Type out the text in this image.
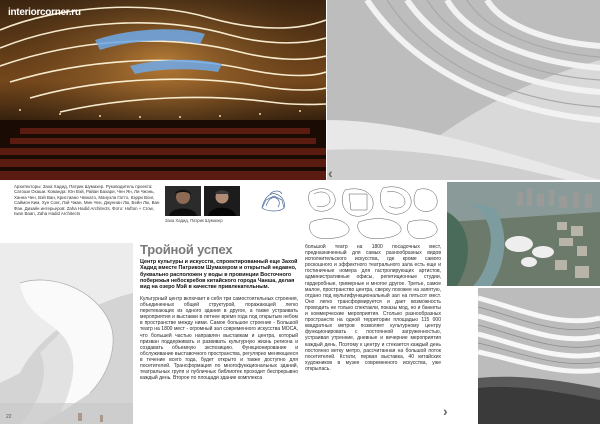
interiorcorner.ru
Архитекторы: Заха Хадид, Патрик Шумахер. Руководитель проекта: Сатоши Охаши. Команда: Юн Вэй, Райан Бахари, Чен Ян, Ли Чжэнь, Ханна Чен, Вэй Ван, Кристиано Чеккато, Мануэла Гатто, Кэрри Вонг, Саймон Ким, Хун Сонг, Лэй Чжан, Мин Чен, Джуннан Лю, Бейн Лю, Ван Фан. Дизайн интерьеров: Zaha Hadid Architects. Фото: Hufton + Crow, Iwan Baan, Zaha Hadid Architects
Заха Хадид, Патрик Шумахер
22
Тройной успех
Центр культуры и искусств, спроектированный еще Захой Хадид вместе Патриком Шумахером и открытый недавно, буквально расположен у воды в провинции Восточного побережья небоскребов китайского города Чанша, делая вид на озеро Мэй в качестве привлекательным.
Культурный центр включает в себя три самостоятельных строения, объединенных общей структурой, поражающей легко перетекающих из одного здания в другое, а также устраивать мероприятия и выставки в летнее время года под открытым небом в пространстве между ними. Самое большое строение - Большой театр на 1800 мест - огромный зал современного искусства MOCA, что большей частью направлен выставкам и центра, который призван поддерживать и развивать культурную жизнь региона и создавать объемную экспозицию. Функционирование и обслуживание выставочного пространства, регулярно меняющееся в течение всего года, будет открыто и также доступно для посетителей. Трансформация по многофункциональных зданий, театральных групп и публичных библиотек проходит беспрерывно каждый день. Второе по площади здание комплекса
большой театр на 1800 посадочных мест, предназначенный для самых разнообразных видов исполнительского искусства, где кроме самого роскошного и эффектного театрального зала есть еще и гостиничные номера для гастролирующих артистов, административные офисы, репетиционные студии, гардеробные, гримерные и многое другое. Третье, самое малое, пространство центра, сверху похожее на запятую, отдано под мультифункциональный зал на пятьсот мест. Оно легко трансформируется и дает возможность проводить не только спектакли, показы мод, но и банкеты и коммерческие мероприятия. Столько разнообразных пространств на одной территории площадью 115 000 квадратных метров позволяет культурному центру функционировать с постоянной загруженностью, устраивая утренние, дневные и вечерние мероприятия каждый день. Поэтому к центру и стекается каждый день постоянно ветку метро, рассчитанная на большой поток посетителей. Кстати, первая выставка, 40 китайских художников в музее современного искусства, уже открылась.
‹
›
